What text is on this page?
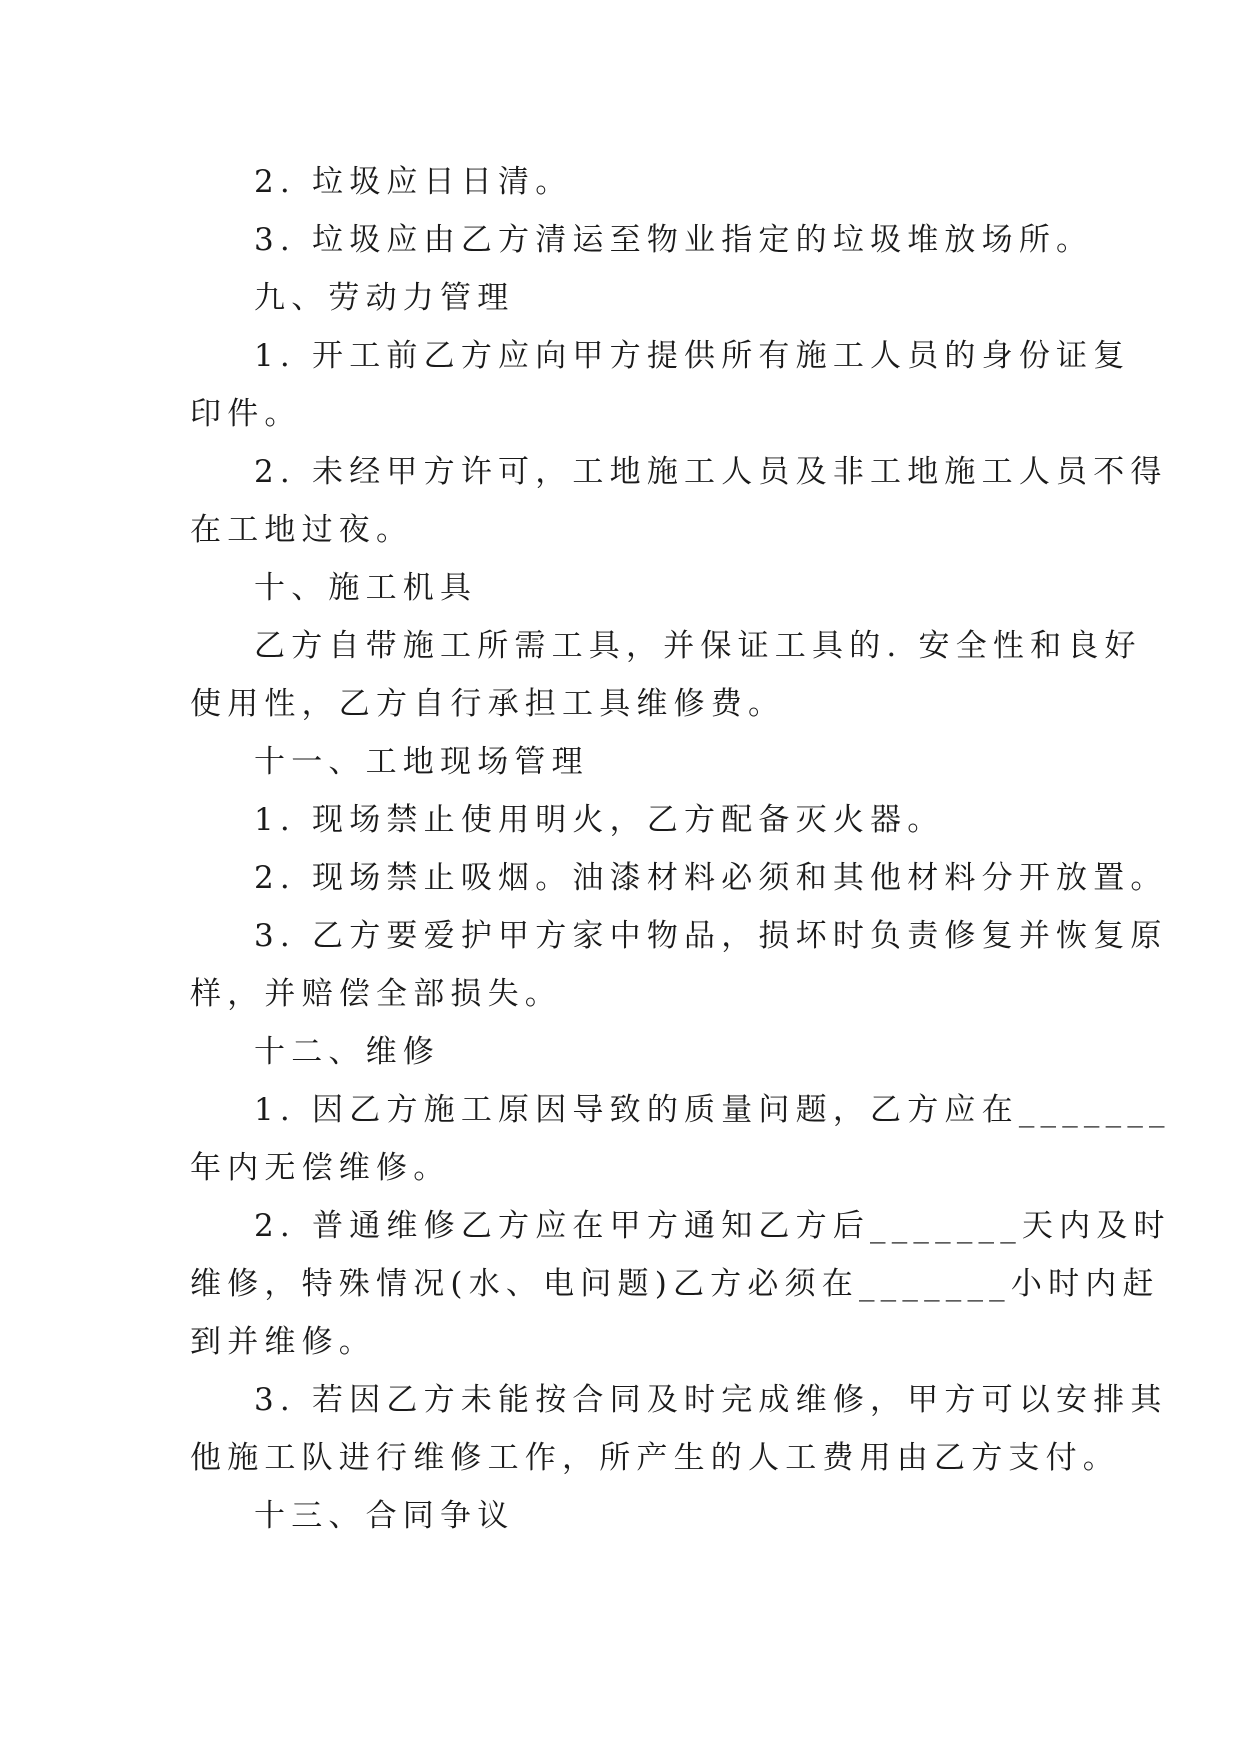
2. 垃圾应日日清。
3. 垃圾应由乙方清运至物业指定的垃圾堆放场所。
九、劳动力管理
1. 开工前乙方应向甲方提供所有施工人员的身份证复
印件。
2. 未经甲方许可，工地施工人员及非工地施工人员不得
在工地过夜。
十、施工机具
乙方自带施工所需工具，并保证工具的. 安全性和良好
使用性，乙方自行承担工具维修费。
十一、工地现场管理
1. 现场禁止使用明火，乙方配备灭火器。
2. 现场禁止吸烟。油漆材料必须和其他材料分开放置。
3. 乙方要爱护甲方家中物品，损坏时负责修复并恢复原
样，并赔偿全部损失。
十二、维修
1. 因乙方施工原因导致的质量问题，乙方应在_______
年内无偿维修。
2. 普通维修乙方应在甲方通知乙方后_______天内及时
维修，特殊情况(水、电问题)乙方必须在_______小时内赶
到并维修。
3. 若因乙方未能按合同及时完成维修，甲方可以安排其
他施工队进行维修工作，所产生的人工费用由乙方支付。
十三、合同争议
